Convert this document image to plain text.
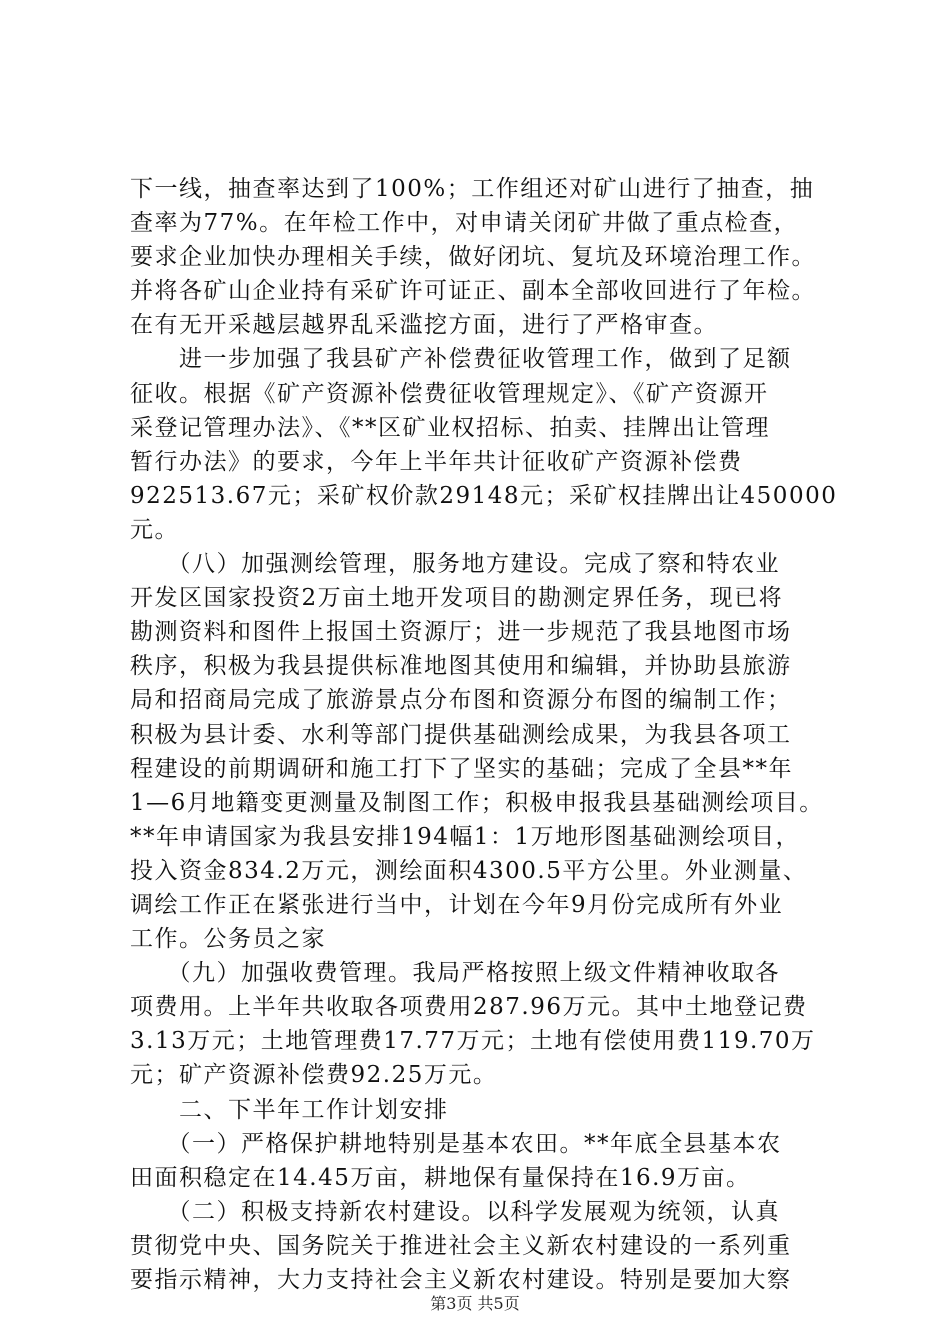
下一线，抽查率达到了100%；工作组还对矿山进行了抽查，抽
查率为77%。在年检工作中，对申请关闭矿井做了重点检查，
要求企业加快办理相关手续，做好闭坑、复坑及环境治理工作。
并将各矿山企业持有采矿许可证正、副本全部收回进行了年检。
在有无开采越层越界乱采滥挖方面，进行了严格审查。
　　进一步加强了我县矿产补偿费征收管理工作，做到了足额
征收。根据《矿产资源补偿费征收管理规定》、《矿产资源开
采登记管理办法》、《**区矿业权招标、拍卖、挂牌出让管理
暂行办法》的要求，今年上半年共计征收矿产资源补偿费
922513.67元；采矿权价款29148元；采矿权挂牌出让450000
元。
　　（八）加强测绘管理，服务地方建设。完成了察和特农业
开发区国家投资2万亩土地开发项目的勘测定界任务，现已将
勘测资料和图件上报国土资源厅；进一步规范了我县地图市场
秩序，积极为我县提供标准地图其使用和编辑，并协助县旅游
局和招商局完成了旅游景点分布图和资源分布图的编制工作；
积极为县计委、水利等部门提供基础测绘成果，为我县各项工
程建设的前期调研和施工打下了坚实的基础；完成了全县**年
1—6月地籍变更测量及制图工作；积极申报我县基础测绘项目。
**年申请国家为我县安排194幅1：1万地形图基础测绘项目，
投入资金834.2万元，测绘面积4300.5平方公里。外业测量、
调绘工作正在紧张进行当中，计划在今年9月份完成所有外业
工作。公务员之家
　　（九）加强收费管理。我局严格按照上级文件精神收取各
项费用。上半年共收取各项费用287.96万元。其中土地登记费
3.13万元；土地管理费17.77万元；土地有偿使用费119.70万
元；矿产资源补偿费92.25万元。
　　二、下半年工作计划安排
　　（一）严格保护耕地特别是基本农田。**年底全县基本农
田面积稳定在14.45万亩，耕地保有量保持在16.9万亩。
　　（二）积极支持新农村建设。以科学发展观为统领，认真
贯彻党中央、国务院关于推进社会主义新农村建设的一系列重
要指示精神，大力支持社会主义新农村建设。特别是要加大察
第3页 共5页
